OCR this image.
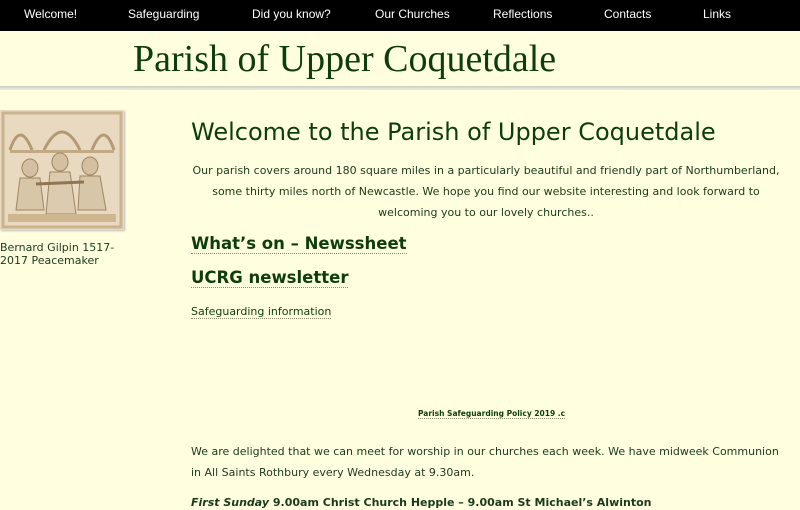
Welcome!	Safeguarding	Did you know?	Our Churches	Reflections	Contacts	Links
Parish of Upper Coquetdale
Bernard Gilpin 1517-2017 Peacemaker
Welcome to the Parish of Upper Coquetdale
Our parish covers around 180 square miles in a particularly beautiful and friendly part of Northumberland, some thirty miles north of Newcastle. We hope you find our website interesting and look forward to welcoming you to our lovely churches..
What’s on – Newssheet
UCRG newsletter
Safeguarding information
Parish Safeguarding Policy 2019 .c
We are delighted that we can meet for worship in our churches each week. We have midweek Communion in All Saints Rothbury every Wednesday at 9.30am.
First Sunday 9.00am Christ Church Hepple – 9.00am St Michael’s Alwinton
